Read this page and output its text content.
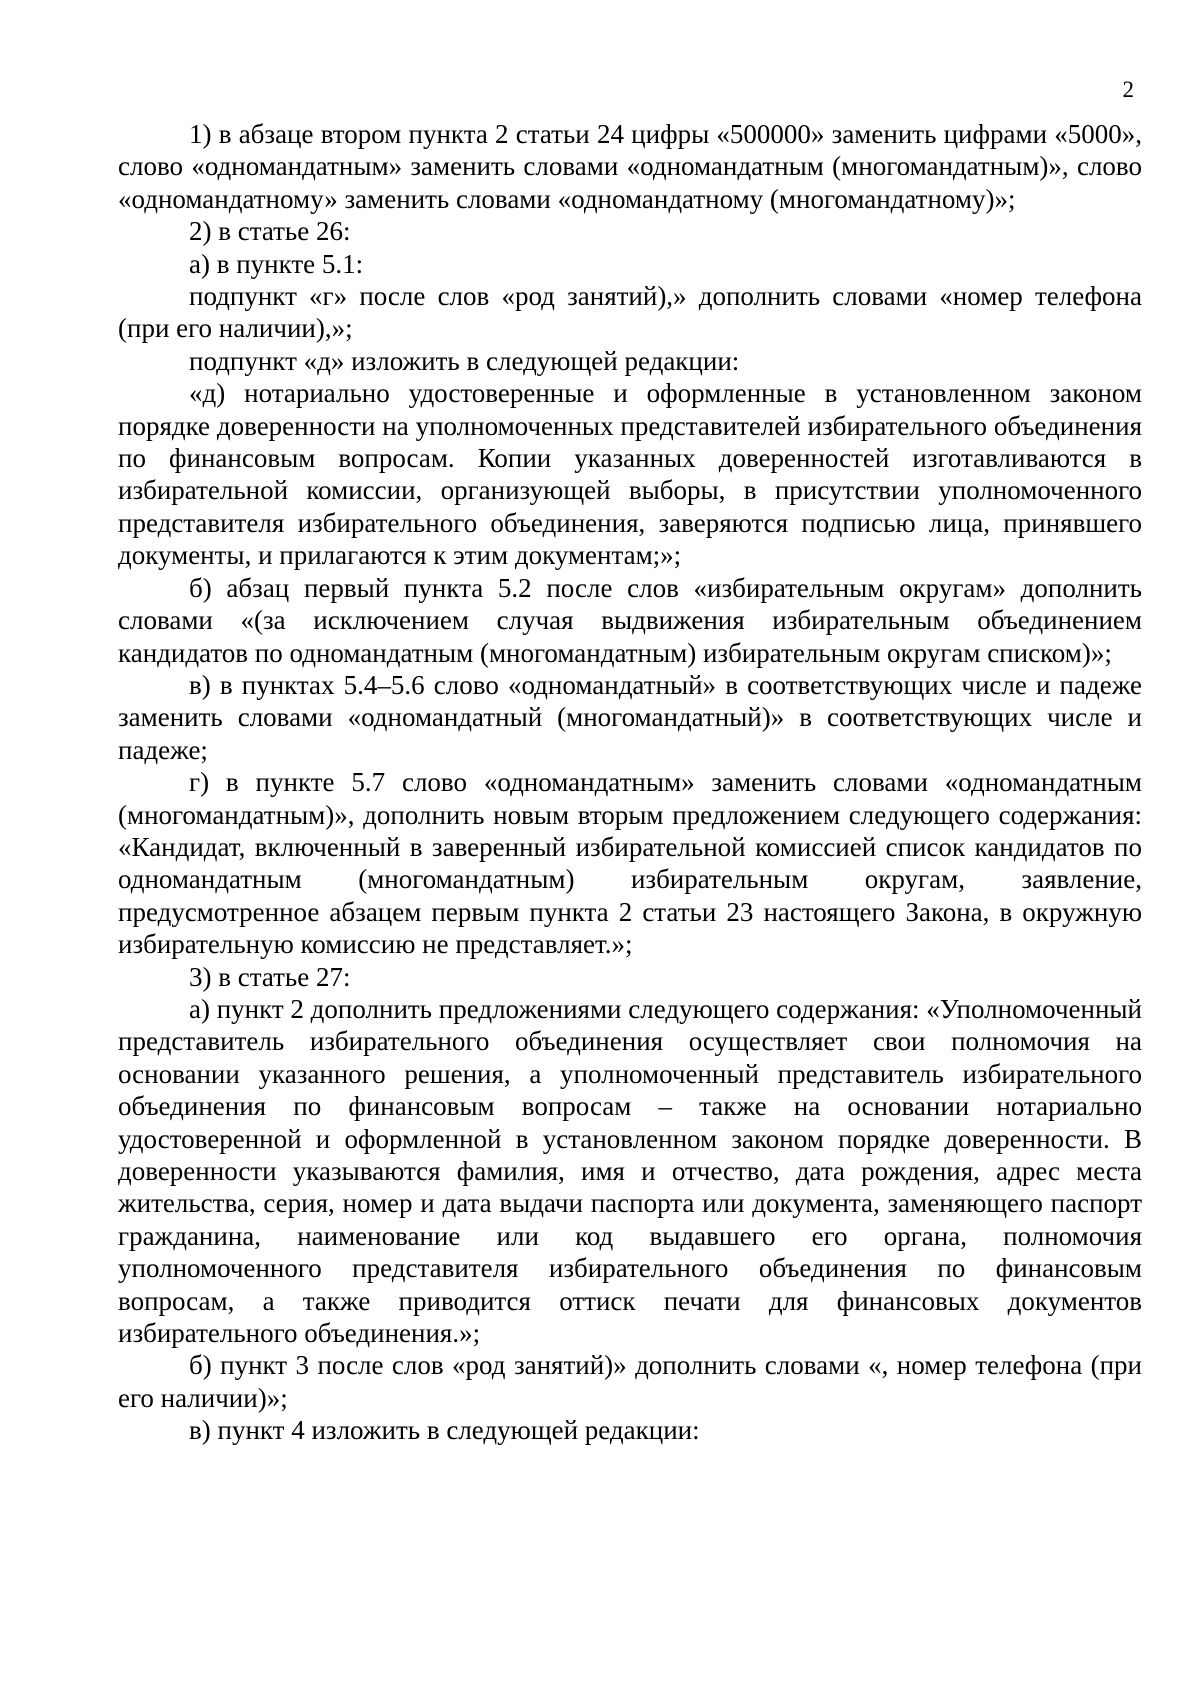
2

1) в абзаце втором пункта 2 статьи 24 цифры «500000» заменить цифрами «5000», слово «одномандатным» заменить словами «одномандатным (многомандатным)», слово «одномандатному» заменить словами «одномандатному (многомандатному)»;

2) в статье 26:

а) в пункте 5.1:

подпункт «г» после слов «род занятий),» дополнить словами «номер телефона (при его наличии),»;

подпункт «д» изложить в следующей редакции:

«д) нотариально удостоверенные и оформленные в установленном законом порядке доверенности на уполномоченных представителей избирательного объединения по финансовым вопросам. Копии указанных доверенностей изготавливаются в избирательной комиссии, организующей выборы, в присутствии уполномоченного представителя избирательного объединения, заверяются подписью лица, принявшего документы, и прилагаются к этим документам;»;

б) абзац первый пункта 5.2 после слов «избирательным округам» дополнить словами «(за исключением случая выдвижения избирательным объединением кандидатов по одномандатным (многомандатным) избирательным округам списком)»;

в) в пунктах 5.4–5.6 слово «одномандатный» в соответствующих числе и падеже заменить словами «одномандатный (многомандатный)» в соответствующих числе и падеже;

г) в пункте 5.7 слово «одномандатным» заменить словами «одномандатным (многомандатным)», дополнить новым вторым предложением следующего содержания: «Кандидат, включенный в заверенный избирательной комиссией список кандидатов по одномандатным (многомандатным) избирательным округам, заявление, предусмотренное абзацем первым пункта 2 статьи 23 настоящего Закона, в окружную избирательную комиссию не представляет.»;

3) в статье 27:

а) пункт 2 дополнить предложениями следующего содержания: «Уполномоченный представитель избирательного объединения осуществляет свои полномочия на основании указанного решения, а уполномоченный представитель избирательного объединения по финансовым вопросам – также на основании нотариально удостоверенной и оформленной в установленном законом порядке доверенности. В доверенности указываются фамилия, имя и отчество, дата рождения, адрес места жительства, серия, номер и дата выдачи паспорта или документа, заменяющего паспорт гражданина, наименование или код выдавшего его органа, полномочия уполномоченного представителя избирательного объединения по финансовым вопросам, а также приводится оттиск печати для финансовых документов избирательного объединения.»;

б) пункт 3 после слов «род занятий)» дополнить словами «, номер телефона (при его наличии)»;

в) пункт 4 изложить в следующей редакции:
